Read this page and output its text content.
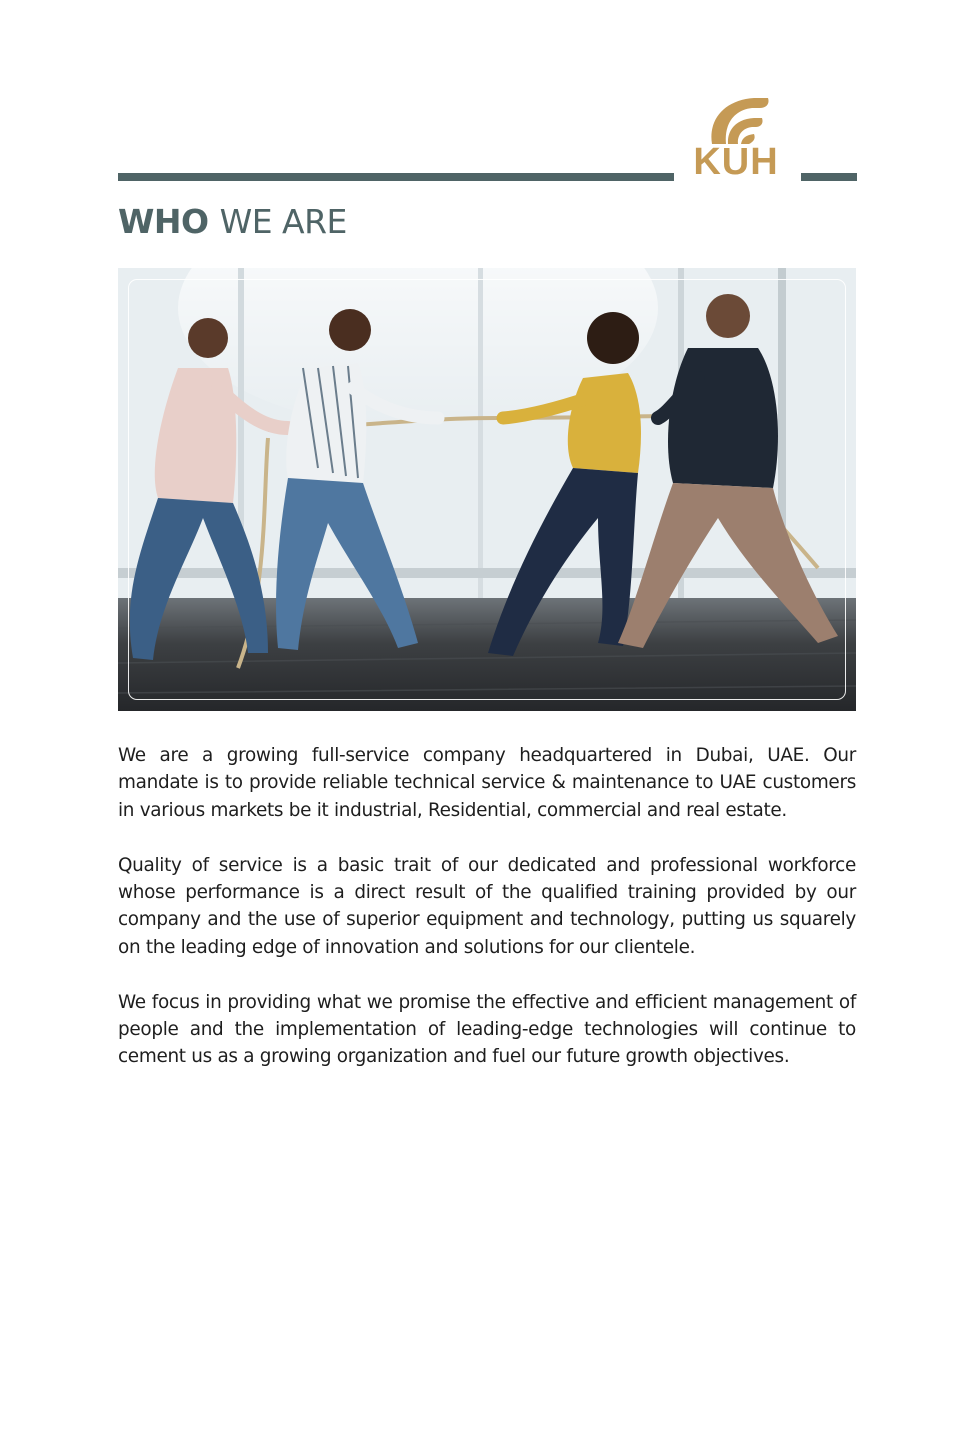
KUH
WHO WE ARE

We are a growing full-service company headquartered in Dubai, UAE. Our mandate is to provide reliable technical service & maintenance to UAE customers in various markets be it industrial, Residential, commercial and real estate.

Quality of service is a basic trait of our dedicated and professional workforce whose performance is a direct result of the qualified training provided by our company and the use of superior equipment and technology, putting us squarely on the leading edge of innovation and solutions for our clientele.

We focus in providing what we promise the effective and efficient management of people and the implementation of leading-edge technologies will continue to cement us as a growing organization and fuel our future growth objectives.
